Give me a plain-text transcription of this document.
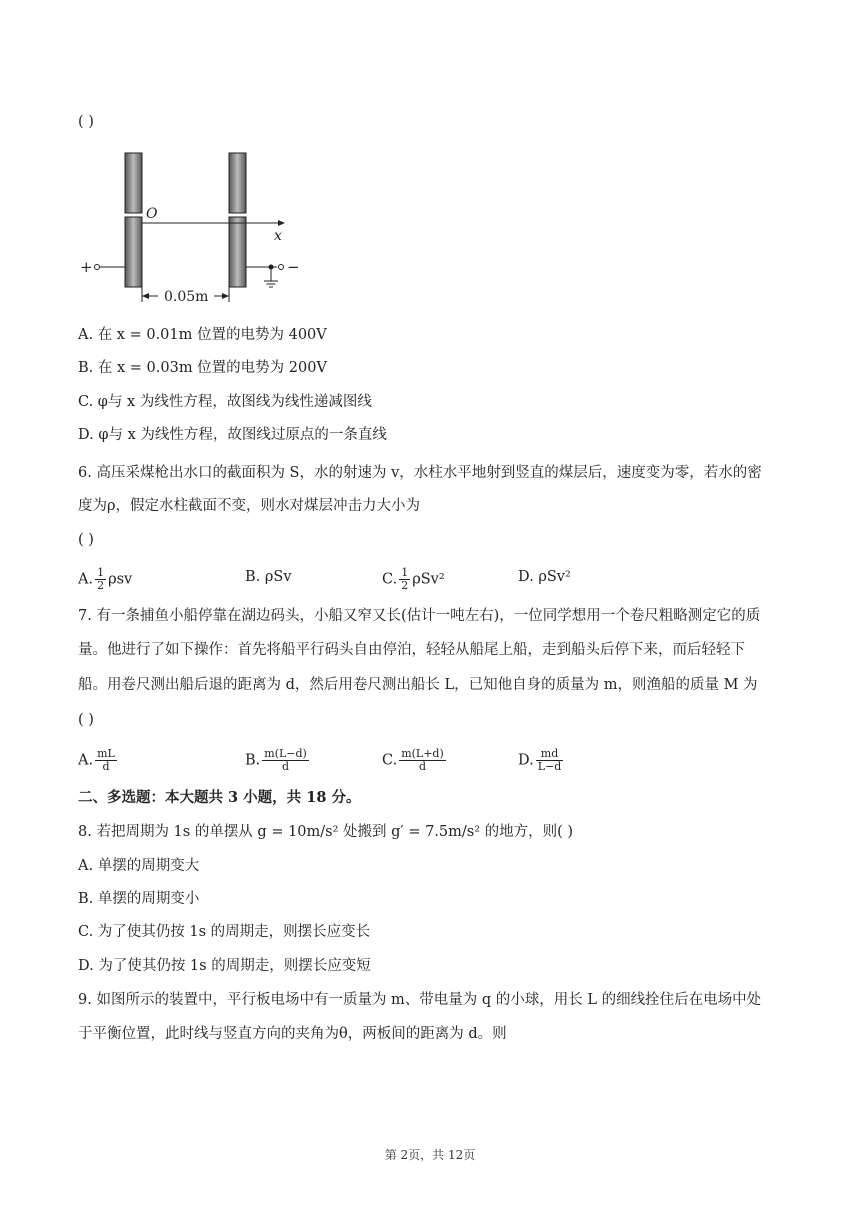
( )
O
x
+	−
0.05m
A. 在 x = 0.01m 位置的电势为 400V
B. 在 x = 0.03m 位置的电势为 200V
C. φ与 x 为线性方程，故图线为线性递减图线
D. φ与 x 为线性方程，故图线过原点的一条直线
6. 高压采煤枪出水口的截面积为 S，水的射速为 v，水柱水平地射到竖直的煤层后，速度变为零，若水的密
度为ρ，假定水柱截面不变，则水对煤层冲击力大小为
( )
A. $\frac{1}{2}$ ρsv	B. ρSv	C. $\frac{1}{2} \rho Sv^2$	D. ρSv²
7. 有一条捕鱼小船停靠在湖边码头，小船又窄又长(估计一吨左右)，一位同学想用一个卷尺粗略测定它的质
量。他进行了如下操作：首先将船平行码头自由停泊，轻轻从船尾上船，走到船头后停下来，而后轻轻下
船。用卷尺测出船后退的距离为 d，然后用卷尺测出船长 L，已知他自身的质量为 m，则渔船的质量 M 为
( )
A. $\frac{mL}{d}$	B. $\frac{m(L-d)}{d}$	C. $\frac{m(L+d)}{d}$	D. $\frac{md}{L-d}$
二、多选题：本大题共 3 小题，共 18 分。
8. 若把周期为 1s 的单摆从 g = 10m/s² 处搬到 g′ = 7.5m/s² 的地方，则( )
A. 单摆的周期变大
B. 单摆的周期变小
C. 为了使其仍按 1s 的周期走，则摆长应变长
D. 为了使其仍按 1s 的周期走，则摆长应变短
9. 如图所示的装置中，平行板电场中有一质量为 m、带电量为 q 的小球，用长 L 的细线拴住后在电场中处
于平衡位置，此时线与竖直方向的夹角为θ，两板间的距离为 d。则
第 2页，共 12页
